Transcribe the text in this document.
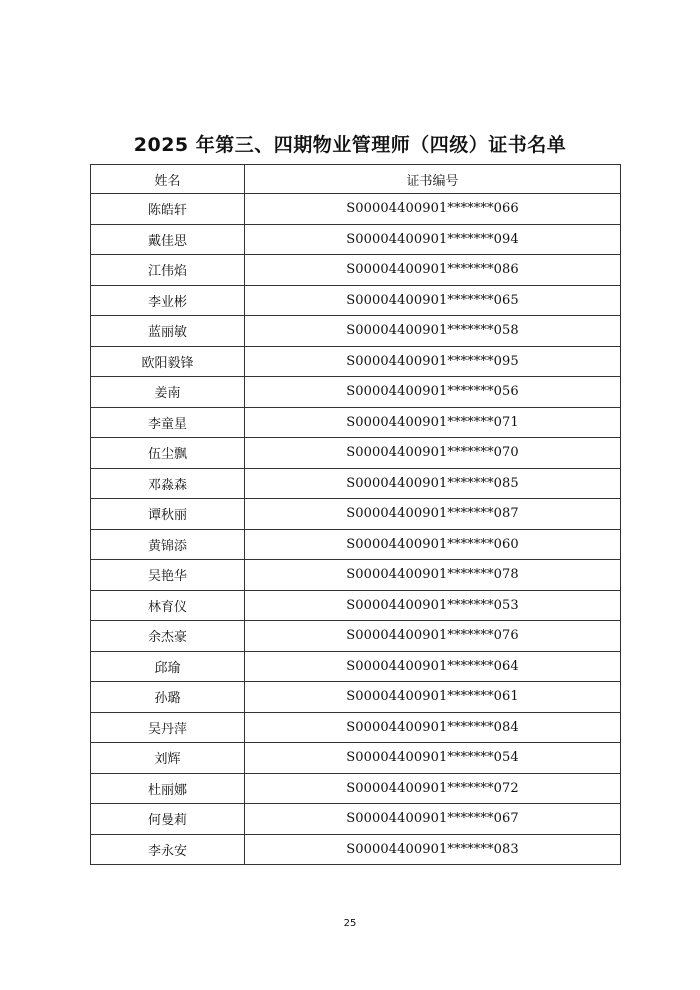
2025 年第三、四期物业管理师（四级）证书名单
姓名	证书编号
陈皓轩	S00004400901*******066
戴佳思	S00004400901*******094
江伟焰	S00004400901*******086
李业彬	S00004400901*******065
蓝丽敏	S00004400901*******058
欧阳毅锋	S00004400901*******095
姜南	S00004400901*******056
李童星	S00004400901*******071
伍尘飘	S00004400901*******070
邓淼森	S00004400901*******085
谭秋丽	S00004400901*******087
黄锦添	S00004400901*******060
吴艳华	S00004400901*******078
林育仪	S00004400901*******053
余杰豪	S00004400901*******076
邱瑜	S00004400901*******064
孙璐	S00004400901*******061
吴丹萍	S00004400901*******084
刘辉	S00004400901*******054
杜丽娜	S00004400901*******072
何曼莉	S00004400901*******067
李永安	S00004400901*******083
25
